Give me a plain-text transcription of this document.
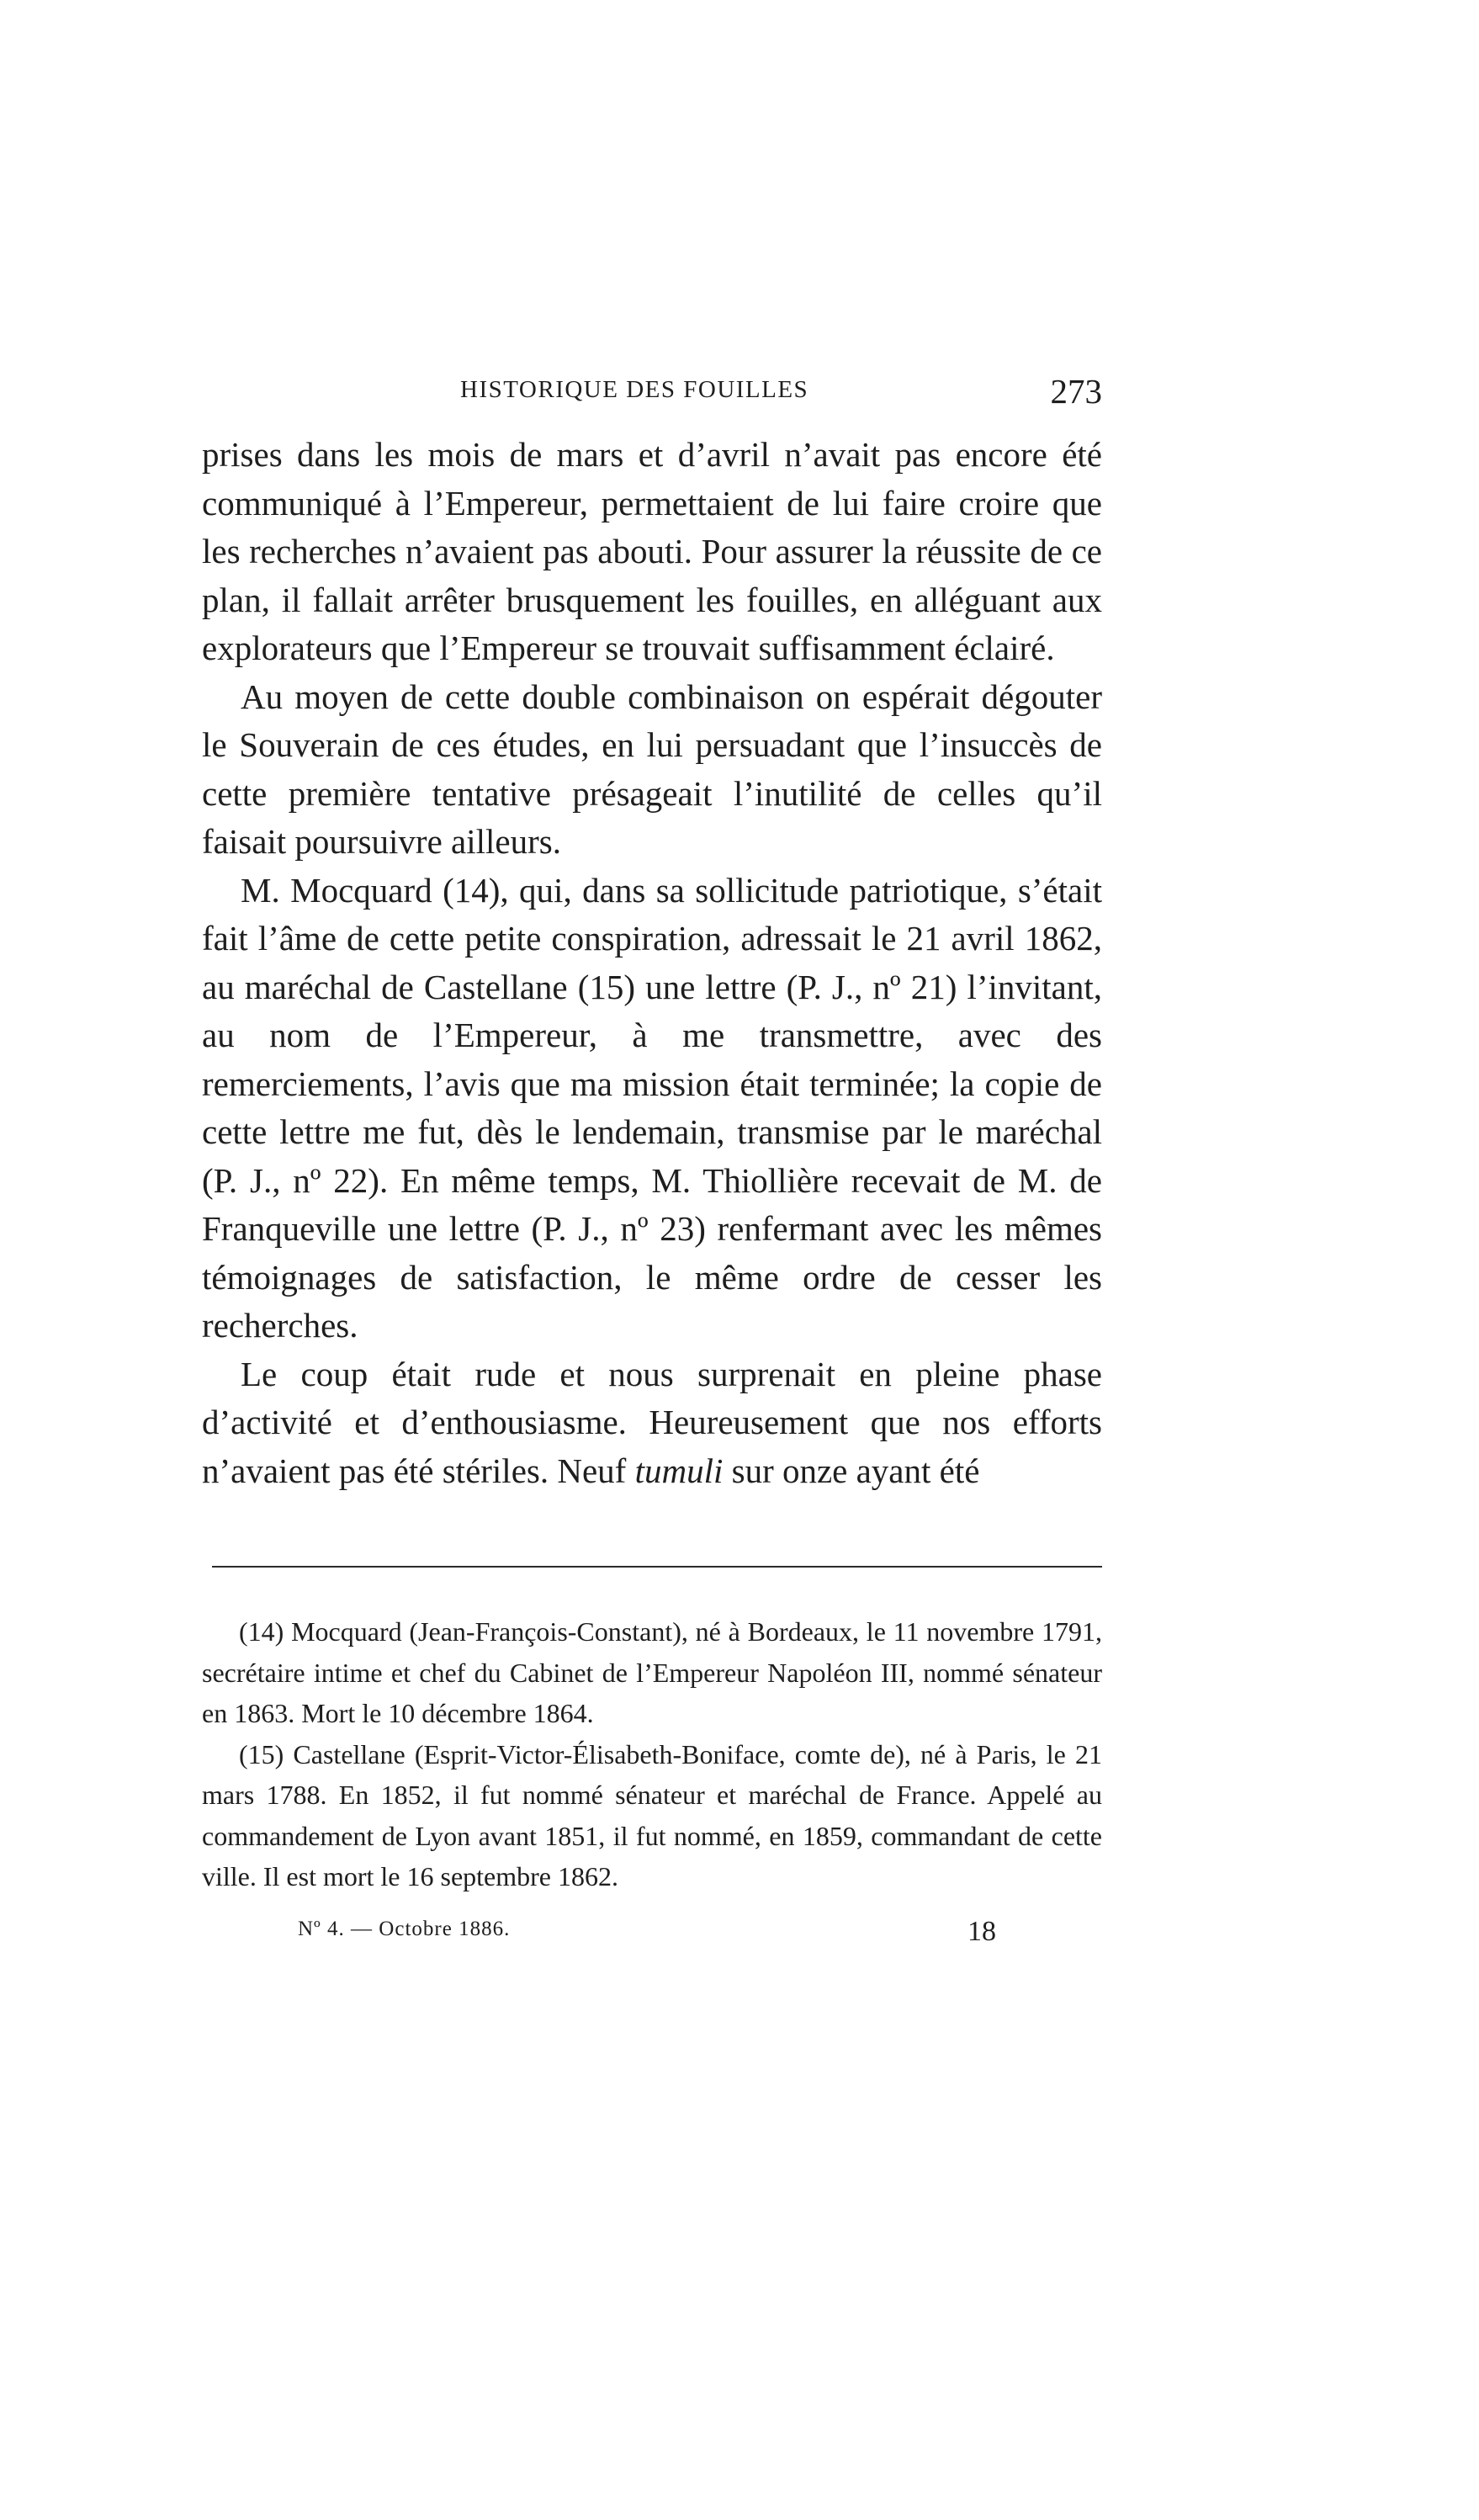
HISTORIQUE DES FOUILLES	273

prises dans les mois de mars et d’avril n’avait pas encore été communiqué à l’Empereur, permettaient de lui faire croire que les recherches n’avaient pas abouti. Pour assurer la réussite de ce plan, il fallait arrêter brusquement les fouilles, en alléguant aux explorateurs que l’Empereur se trouvait suffisamment éclairé.

Au moyen de cette double combinaison on espérait dégouter le Souverain de ces études, en lui persuadant que l’insuccès de cette première tentative présageait l’inutilité de celles qu’il faisait poursuivre ailleurs.

M. Mocquard (14), qui, dans sa sollicitude patriotique, s’était fait l’âme de cette petite conspiration, adressait le 21 avril 1862, au maréchal de Castellane (15) une lettre (P. J., nº 21) l’invitant, au nom de l’Empereur, à me transmettre, avec des remerciements, l’avis que ma mission était terminée; la copie de cette lettre me fut, dès le lendemain, transmise par le maréchal (P. J., nº 22). En même temps, M. Thiollière recevait de M. de Franqueville une lettre (P. J., nº 23) renfermant avec les mêmes témoignages de satisfaction, le même ordre de cesser les recherches.

Le coup était rude et nous surprenait en pleine phase d’activité et d’enthousiasme. Heureusement que nos efforts n’avaient pas été stériles. Neuf tumuli sur onze ayant été

(14) Mocquard (Jean-François-Constant), né à Bordeaux, le 11 novembre 1791, secrétaire intime et chef du Cabinet de l’Empereur Napoléon III, nommé sénateur en 1863. Mort le 10 décembre 1864.

(15) Castellane (Esprit-Victor-Élisabeth-Boniface, comte de), né à Paris, le 21 mars 1788. En 1852, il fut nommé sénateur et maréchal de France. Appelé au commandement de Lyon avant 1851, il fut nommé, en 1859, commandant de cette ville. Il est mort le 16 septembre 1862.

Nº 4. — Octobre 1886.	18
